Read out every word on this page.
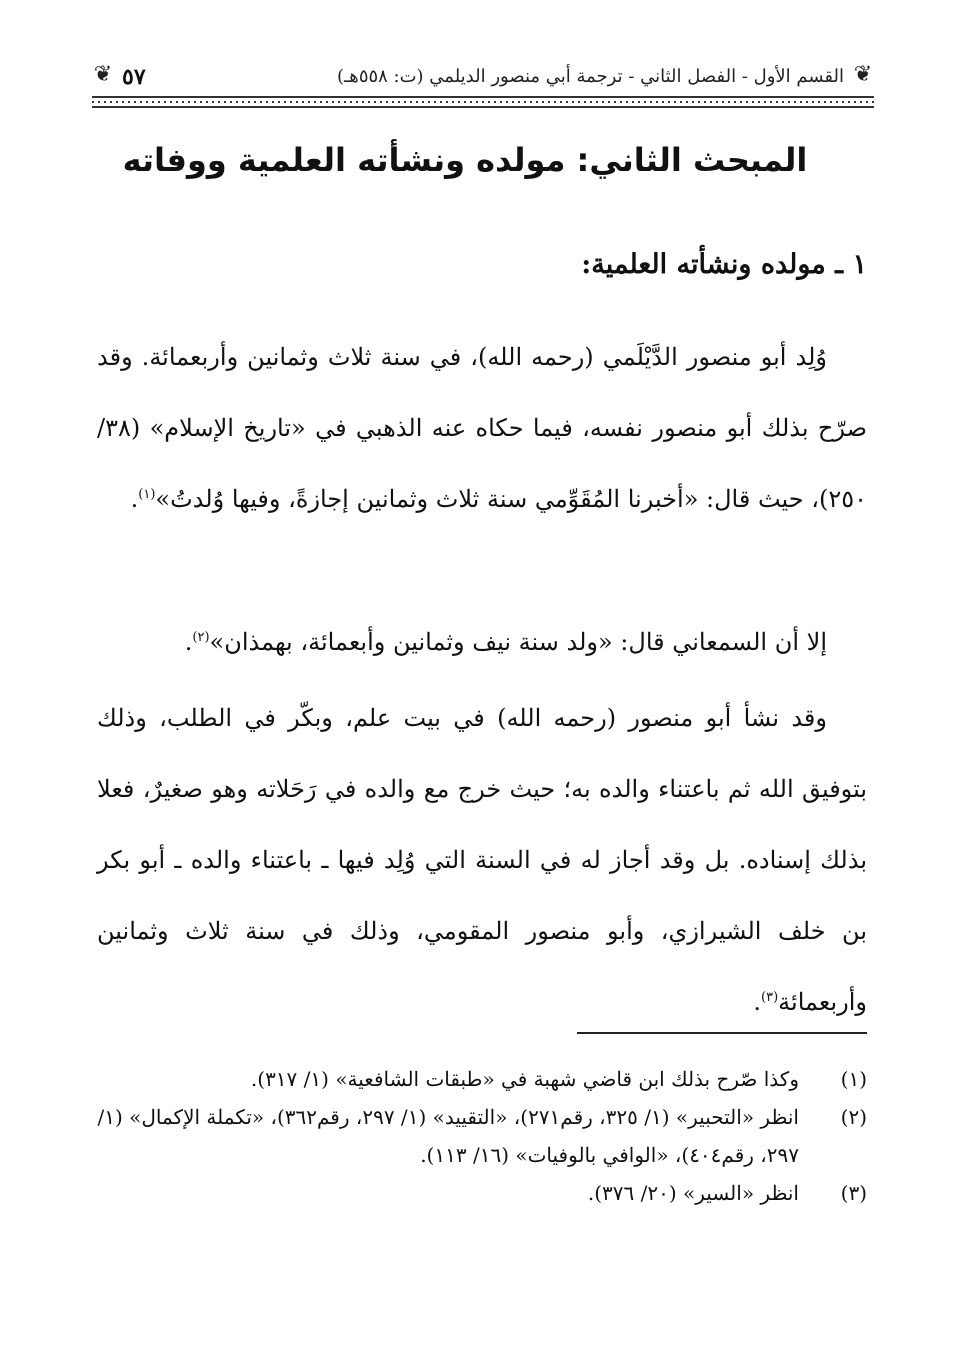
❦
القسم الأول - الفصل الثاني - ترجمة أبي منصور الديلمي (ت: ٥٥٨هـ)
٥٧
❦
المبحث الثاني: مولده ونشأته العلمية ووفاته
١ ـ مولده ونشأته العلمية:

وُلِد أبو منصور الدَّيْلَمي (رحمه الله)، في سنة ثلاث وثمانين وأربعمائة. وقد صرّح بذلك أبو منصور نفسه، فيما حكاه عنه الذهبي في «تاريخ الإسلام» (٣٨/ ٢٥٠)، حيث قال: «أخبرنا المُقَوِّمي سنة ثلاث وثمانين إجازةً، وفيها وُلدتُ»$^{(١)}$.

إلا أن السمعاني قال: «ولد سنة نيف وثمانين وأبعمائة، بهمذان»$^{(٢)}$.

وقد نشأ أبو منصور (رحمه الله) في بيت علم، وبكّر في الطلب، وذلك بتوفيق الله ثم باعتناء والده به؛ حيث خرج مع والده في رَحَلاته وهو صغيرٌ، فعلا بذلك إسناده. بل وقد أجاز له في السنة التي وُلِد فيها ـ باعتناء والده ـ أبو بكر بن خلف الشيرازي، وأبو منصور المقومي، وذلك في سنة ثلاث وثمانين وأربعمائة$^{(٣)}$.

(١)
وكذا صّرح بذلك ابن قاضي شهبة في «طبقات الشافعية» (١/ ٣١٧).
(٢)
انظر «التحبير» (١/ ٣٢٥، رقم٢٧١)، «التقييد» (١/ ٢٩٧، رقم٣٦٢)، «تكملة الإكمال» (١/ ٢٩٧، رقم٤٠٤)، «الوافي بالوفيات» (١٦/ ١١٣).
(٣)
انظر «السير» (٢٠/ ٣٧٦).
